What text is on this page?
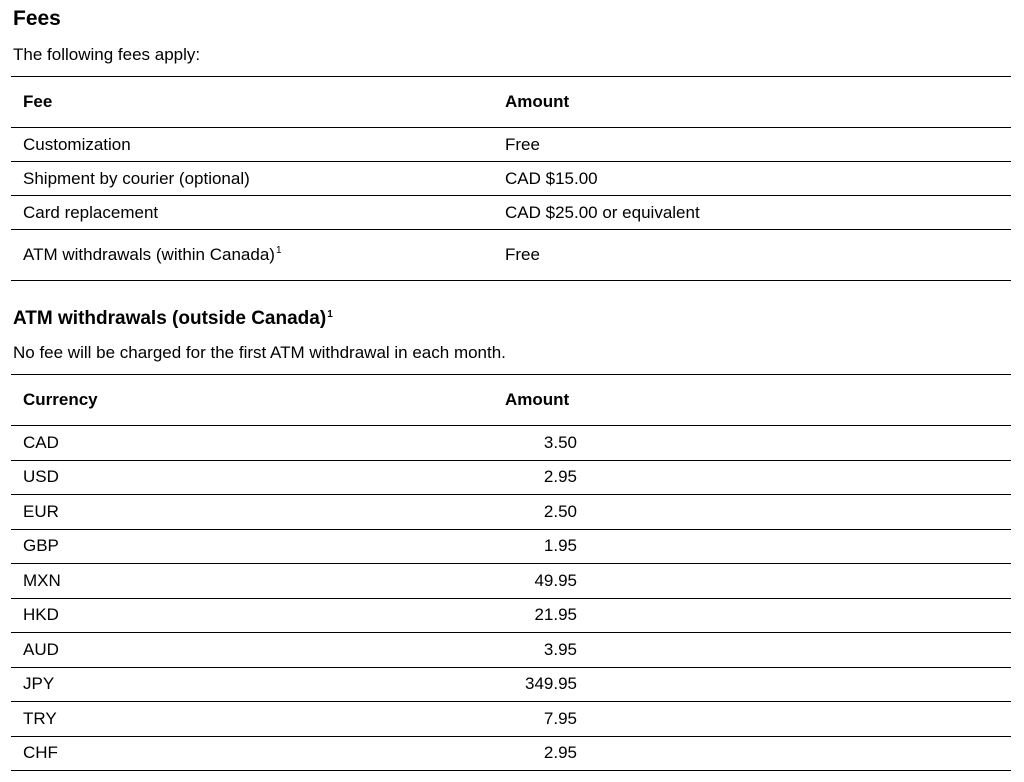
Fees

The following fees apply:

Fee	Amount
Customization	Free
Shipment by courier (optional)	CAD $15.00
Card replacement	CAD $25.00 or equivalent
ATM withdrawals (within Canada)$^1$	Free
ATM withdrawals (outside Canada)$^1$

No fee will be charged for the first ATM withdrawal in each month.

Currency	Amount	
CAD	3.50	
USD	2.95	
EUR	2.50	
GBP	1.95	
MXN	49.95	
HKD	21.95	
AUD	3.95	
JPY	349.95	
TRY	7.95	
CHF	2.95	
